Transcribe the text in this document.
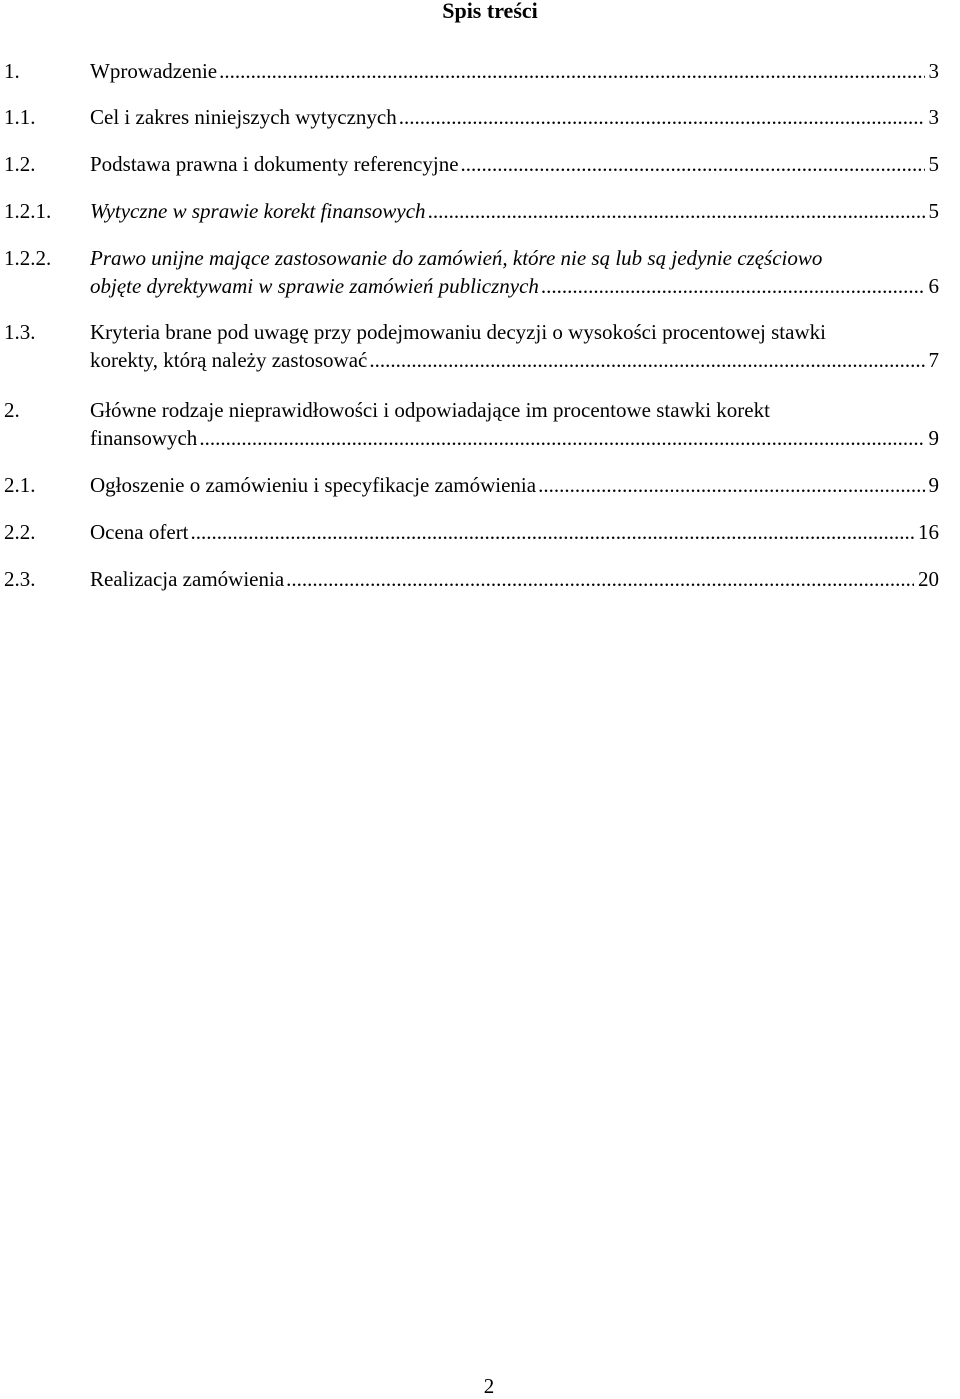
Spis treści
1.	Wprowadzenie .....	3
1.1.	Cel i zakres niniejszych wytycznych .....	3
1.2.	Podstawa prawna i dokumenty referencyjne .....	5
1.2.1. Wytyczne w sprawie korekt finansowych .....	5
1.2.2. Prawo unijne mające zastosowanie do zamówień, które nie są lub są jedynie częściowo
objęte dyrektywami w sprawie zamówień publicznych .....	6
1.3.	Kryteria brane pod uwagę przy podejmowaniu decyzji o wysokości procentowej stawki
korekty, którą należy zastosować .....	7
2.	Główne rodzaje nieprawidłowości i odpowiadające im procentowe stawki korekt
finansowych .....	9
2.1.	Ogłoszenie o zamówieniu i specyfikacje zamówienia .....	9
2.2.	Ocena ofert .....	16
2.3.	Realizacja zamówienia .....	20
2
